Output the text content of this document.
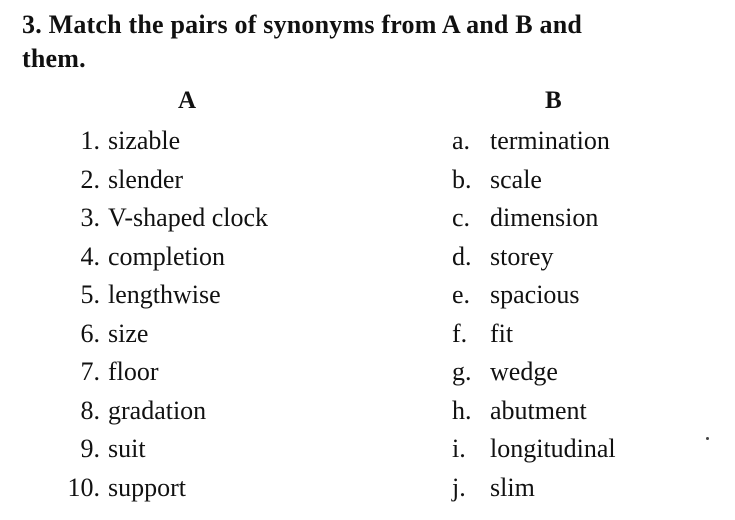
3. Match the pairs of synonyms from A and B and
them.
A	B
1. sizable
2. slender
3. V-shaped clock
4. completion
5. lengthwise
6. size
7. floor
8. gradation
9. suit
10. support
a. termination
b. scale
c. dimension
d. storey
e. spacious
f. fit
g. wedge
h. abutment
i. longitudinal
j. slim
